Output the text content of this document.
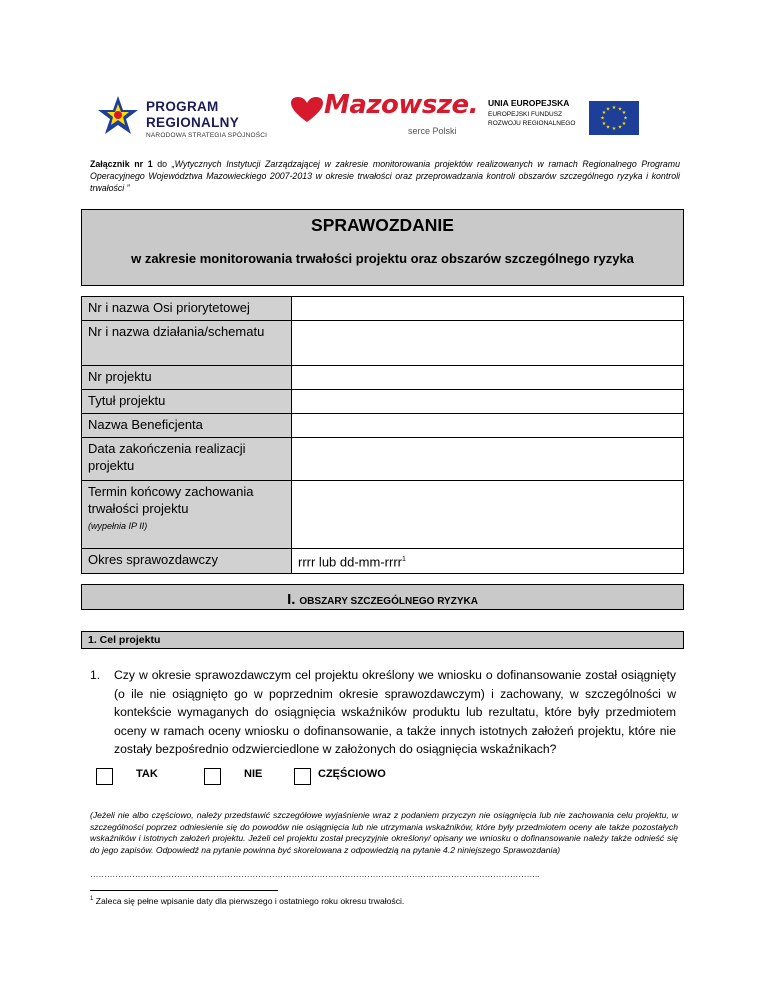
PROGRAM
REGIONALNY
NARODOWA STRATEGIA SPÓJNOŚCI
Mazowsze.
serce Polski
UNIA EUROPEJSKA
EUROPEJSKI FUNDUSZ
ROZWOJU REGIONALNEGO
★ ★
★
★
★
★
★
★
★
★
★
★
Załącznik nr 1 do „Wytycznych Instytucji Zarządzającej w zakresie monitorowania projektów realizowanych w ramach Regionalnego Programu Operacyjnego Województwa Mazowieckiego 2007-2013 w okresie trwałości oraz przeprowadzania kontroli obszarów szczególnego ryzyka i kontroli trwałości ”
SPRAWOZDANIE
w zakresie monitorowania trwałości projektu oraz obszarów szczególnego ryzyka
Nr i nazwa Osi priorytetowej	
Nr i nazwa działania/schematu	
Nr projektu	
Tytuł projektu	
Nazwa Beneficjenta	
Data zakończenia realizacji projektu	
Termin końcowy zachowania trwałości projektu
(wypełnia IP II)	

Okres sprawozdawczy	rrrr lub dd-mm-rrrr$^1$
I. OBSZARY SZCZEGÓLNEGO RYZYKA
1. Cel projektu
1. Czy w okresie sprawozdawczym cel projektu określony we wniosku o dofinansowanie został osiągnięty (o ile nie osiągnięto go w poprzednim okresie sprawozdawczym) i zachowany, w szczególności w kontekście wymaganych do osiągnięcia wskaźników produktu lub rezultatu, które były przedmiotem oceny w ramach oceny wniosku o dofinansowanie, a także innych istotnych założeń projektu, które nie zostały bezpośrednio odzwierciedlone w założonych do osiągnięcia wskaźnikach?
TAK	NIE	CZĘŚCIOWO
(Jeżeli nie albo częściowo, należy przedstawić szczegółowe wyjaśnienie wraz z podaniem przyczyn nie osiągnięcia lub nie zachowania celu projektu, w szczególności poprzez odniesienie się do powodów nie osiągnięcia lub nie utrzymania wskaźników, które były przedmiotem oceny ale także pozostałych wskaźników i istotnych założeń projektu. Jeżeli cel projektu został precyzyjnie określony/ opisany we wniosku o dofinansowanie należy także odnieść się do jego zapisów. Odpowiedź na pytanie powinna być skorelowana z odpowiedzią na pytanie 4.2 niniejszego Sprawozdania)
……………………………………………………………………………………………………………………………………………..
$^1$ Zaleca się pełne wpisanie daty dla pierwszego i ostatniego roku okresu trwałości.
